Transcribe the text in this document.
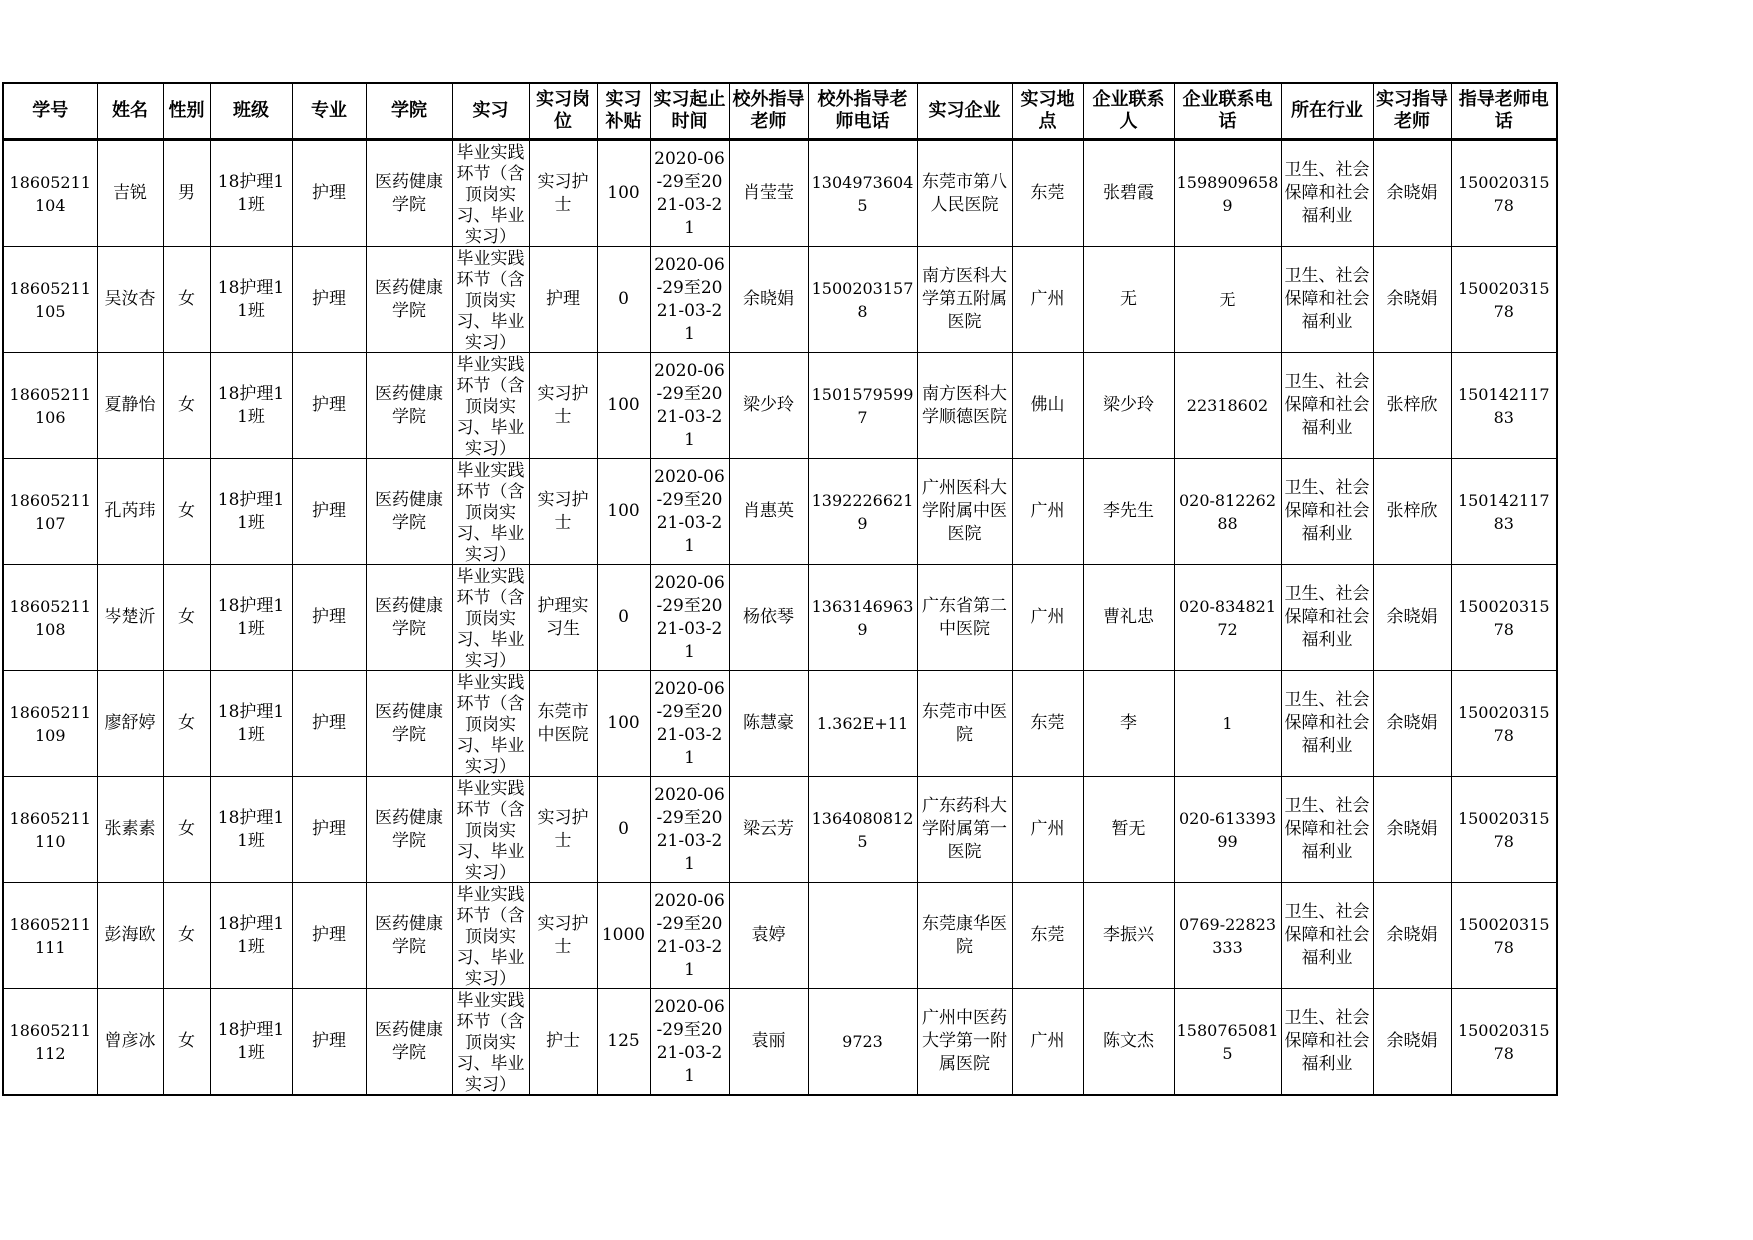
学号	姓名	性别	班级	专业	学院	实习	实习岗位	实习补贴	实习起止时间	校外指导老师	校外指导老师电话	实习企业	实习地点	企业联系人	企业联系电话	所在行业	实习指导老师	指导老师电话
18605211104	吉锐	男	18护理11班	护理	医药健康学院	毕业实践环节（含顶岗实习、毕业实习）	实习护士	100	2020-06-29至2021-03-21	肖莹莹	13049736045	东莞市第八人民医院	东莞	张碧霞	15989096589	卫生、社会保障和社会福利业	余晓娟	15002031578
18605211105	吴汝杏	女	18护理11班	护理	医药健康学院	毕业实践环节（含顶岗实习、毕业实习）	护理	0	2020-06-29至2021-03-21	余晓娟	15002031578	南方医科大学第五附属医院	广州	无	无	卫生、社会保障和社会福利业	余晓娟	15002031578
18605211106	夏静怡	女	18护理11班	护理	医药健康学院	毕业实践环节（含顶岗实习、毕业实习）	实习护士	100	2020-06-29至2021-03-21	梁少玲	15015795997	南方医科大学顺德医院	佛山	梁少玲	22318602	卫生、社会保障和社会福利业	张梓欣	15014211783
18605211107	孔芮玮	女	18护理11班	护理	医药健康学院	毕业实践环节（含顶岗实习、毕业实习）	实习护士	100	2020-06-29至2021-03-21	肖惠英	13922266219	广州医科大学附属中医医院	广州	李先生	020-81226288	卫生、社会保障和社会福利业	张梓欣	15014211783
18605211108	岑楚沂	女	18护理11班	护理	医药健康学院	毕业实践环节（含顶岗实习、毕业实习）	护理实习生	0	2020-06-29至2021-03-21	杨依琴	13631469639	广东省第二中医院	广州	曹礼忠	020-83482172	卫生、社会保障和社会福利业	余晓娟	15002031578
18605211109	廖舒婷	女	18护理11班	护理	医药健康学院	毕业实践环节（含顶岗实习、毕业实习）	东莞市中医院	100	2020-06-29至2021-03-21	陈慧豪	1.362E+11	东莞市中医院	东莞	李	1	卫生、社会保障和社会福利业	余晓娟	15002031578
18605211110	张素素	女	18护理11班	护理	医药健康学院	毕业实践环节（含顶岗实习、毕业实习）	实习护士	0	2020-06-29至2021-03-21	梁云芳	13640808125	广东药科大学附属第一医院	广州	暂无	020-61339399	卫生、社会保障和社会福利业	余晓娟	15002031578
18605211111	彭海欧	女	18护理11班	护理	医药健康学院	毕业实践环节（含顶岗实习、毕业实习）	实习护士	1000	2020-06-29至2021-03-21	袁婷		东莞康华医院	东莞	李振兴	0769-22823333	卫生、社会保障和社会福利业	余晓娟	15002031578
18605211112	曾彦冰	女	18护理11班	护理	医药健康学院	毕业实践环节（含顶岗实习、毕业实习）	护士	125	2020-06-29至2021-03-21	袁丽	9723	广州中医药大学第一附属医院	广州	陈文杰	15807650815	卫生、社会保障和社会福利业	余晓娟	15002031578
